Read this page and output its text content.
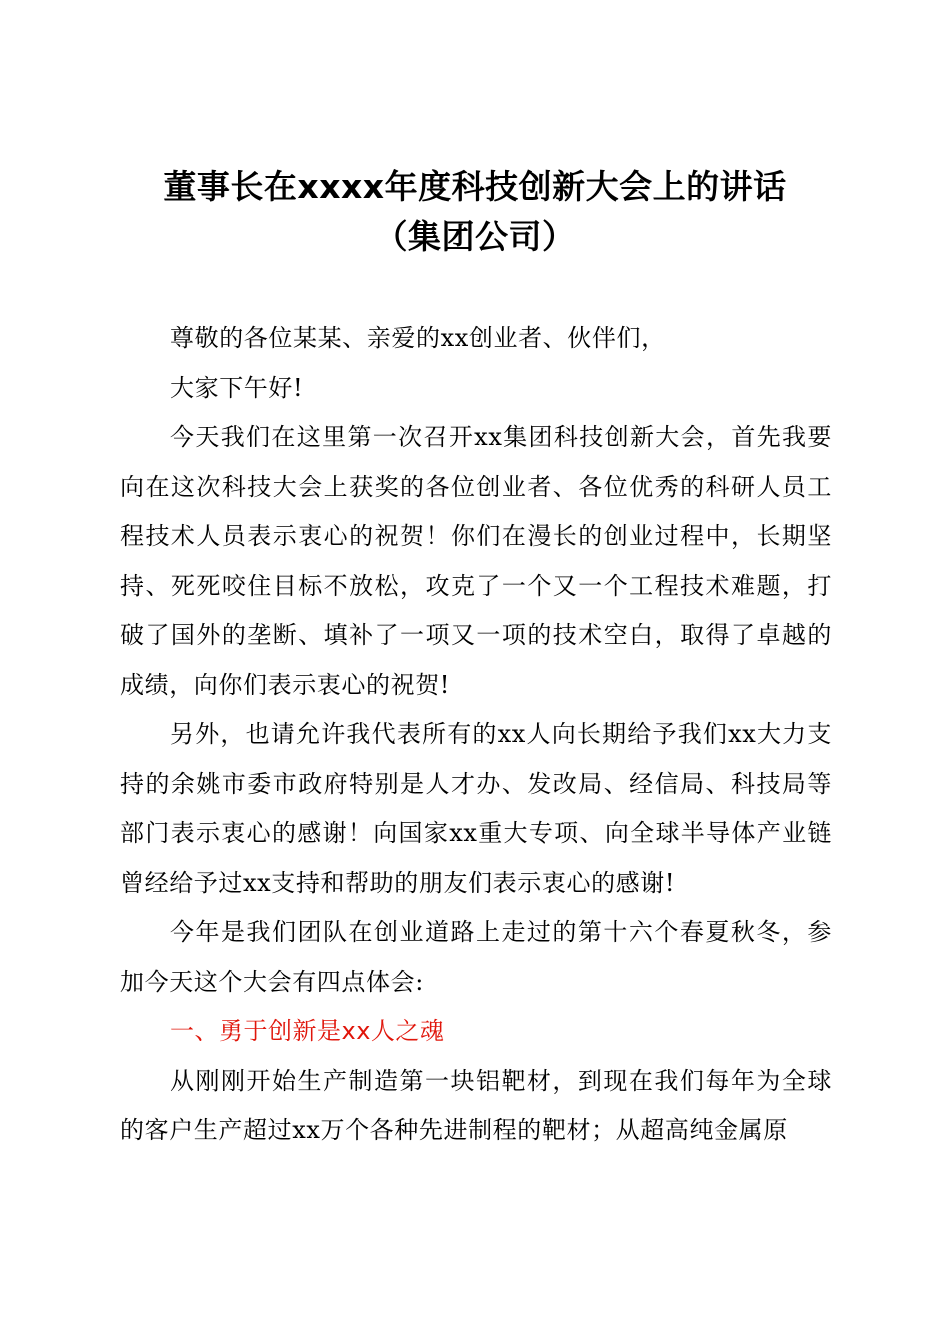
董事长在xxxx年度科技创新大会上的讲话
（集团公司）

尊敬的各位某某、亲爱的xx创业者、伙伴们，

大家下午好!

今天我们在这里第一次召开xx集团科技创新大会，首先我要向在这次科技大会上获奖的各位创业者、各位优秀的科研人员工程技术人员表示衷心的祝贺！你们在漫长的创业过程中，长期坚持、死死咬住目标不放松，攻克了一个又一个工程技术难题，打破了国外的垄断、填补了一项又一项的技术空白，取得了卓越的成绩，向你们表示衷心的祝贺!

另外，也请允许我代表所有的xx人向长期给予我们xx大力支持的余姚市委市政府特别是人才办、发改局、经信局、科技局等部门表示衷心的感谢！向国家xx重大专项、向全球半导体产业链曾经给予过xx支持和帮助的朋友们表示衷心的感谢!

今年是我们团队在创业道路上走过的第十六个春夏秋冬，参加今天这个大会有四点体会:

一、勇于创新是xx人之魂

从刚刚开始生产制造第一块铝靶材，到现在我们每年为全球的客户生产超过xx万个各种先进制程的靶材；从超高纯金属原
